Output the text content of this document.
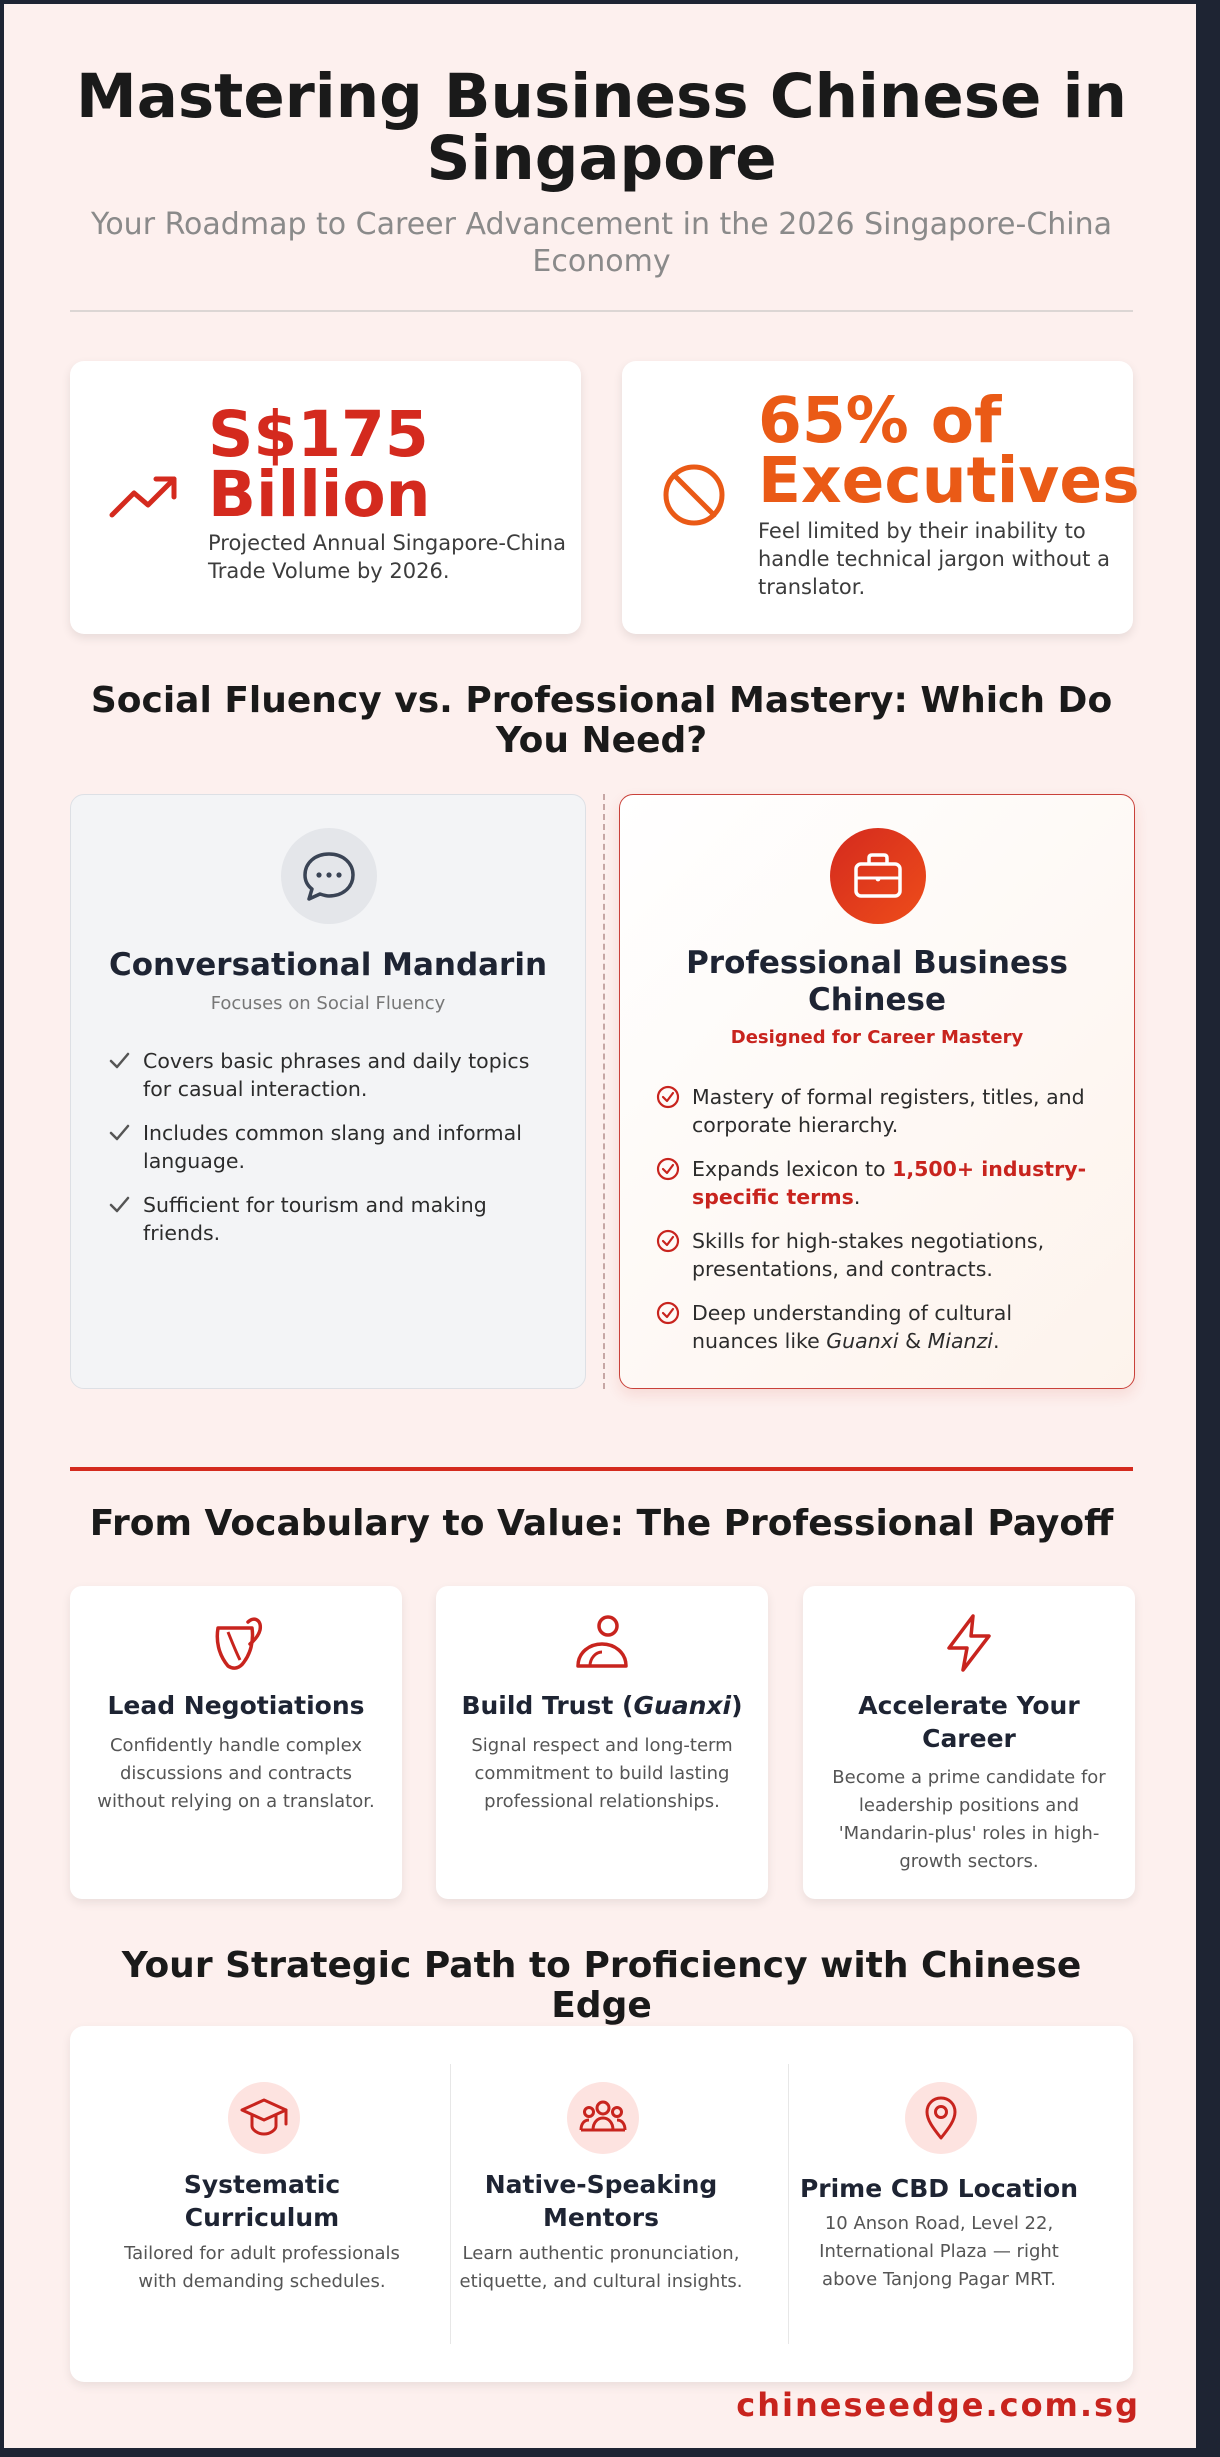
Mastering Business Chinese in Singapore
Your Roadmap to Career Advancement in the 2026 Singapore-China Economy
S$175 Billion
Projected Annual Singapore-China Trade Volume by 2026.
65% of Executives
Feel limited by their inability to handle technical jargon without a translator.
Social Fluency vs. Professional Mastery: Which Do You Need?
Conversational Mandarin
Focuses on Social Fluency
Covers basic phrases and daily topics for casual interaction.
Includes common slang and informal language.
Sufficient for tourism and making friends.
Professional Business Chinese
Designed for Career Mastery
Mastery of formal registers, titles, and corporate hierarchy.
Expands lexicon to 1,500+ industry-specific terms.
Skills for high-stakes negotiations, presentations, and contracts.
Deep understanding of cultural nuances like Guanxi & Mianzi.
From Vocabulary to Value: The Professional Payoff
Lead Negotiations

Confidently handle complex discussions and contracts without relying on a translator.

Build Trust (Guanxi)

Signal respect and long-term commitment to build lasting professional relationships.

Accelerate Your Career

Become a prime candidate for leadership positions and 'Mandarin-plus' roles in high-growth sectors.

Your Strategic Path to Proficiency with Chinese Edge
Systematic Curriculum

Tailored for adult professionals with demanding schedules.

Native-Speaking Mentors

Learn authentic pronunciation, etiquette, and cultural insights.

Prime CBD Location

10 Anson Road, Level 22, International Plaza — right above Tanjong Pagar MRT.

chineseedge.com.sg
